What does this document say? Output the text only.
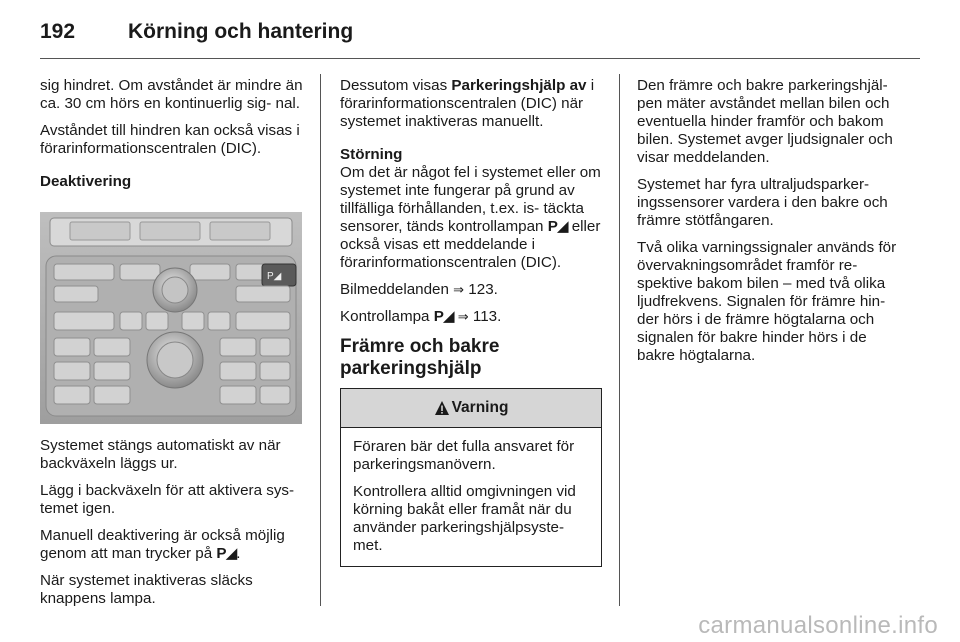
192	Körning och hantering

sig hindret. Om avståndet är mindre än ca. 30 cm hörs en kontinuerlig sig- nal.

Avståndet till hindren kan också visas i förarinformationscentralen (DIC).

Deaktivering

P◢

Systemet stängs automatiskt av när backväxeln läggs ur.

Lägg i backväxeln för att aktivera sys- temet igen.

Manuell deaktivering är också möjlig genom att man trycker på P◢.

När systemet inaktiveras släcks knappens lampa.

Dessutom visas Parkeringshjälp av i förarinformationscentralen (DIC) när systemet inaktiveras manuellt.

Störning

Om det är något fel i systemet eller om systemet inte fungerar på grund av tillfälliga förhållanden, t.ex. is- täckta sensorer, tänds kontrollampan P◢ eller också visas ett meddelande i förarinformationscentralen (DIC).

Bilmeddelanden ⇒ 123.

Kontrollampa P◢ ⇒ 113.

Främre och bakre parkeringshjälp

Varning

Föraren bär det fulla ansvaret för parkeringsmanövern.

Kontrollera alltid omgivningen vid körning bakåt eller framåt när du använder parkeringshjälpsyste- met.

Den främre och bakre parkeringshjäl- pen mäter avståndet mellan bilen och eventuella hinder framför och bakom bilen. Systemet avger ljudsignaler och visar meddelanden.

Systemet har fyra ultraljudsparker- ingssensorer vardera i den bakre och främre stötfångaren.

Två olika varningssignaler används för övervakningsområdet framför re- spektive bakom bilen – med två olika ljudfrekvens. Signalen för främre hin- der hörs i de främre högtalarna och signalen för bakre hinder hörs i de bakre högtalarna.

carmanualsonline.info
